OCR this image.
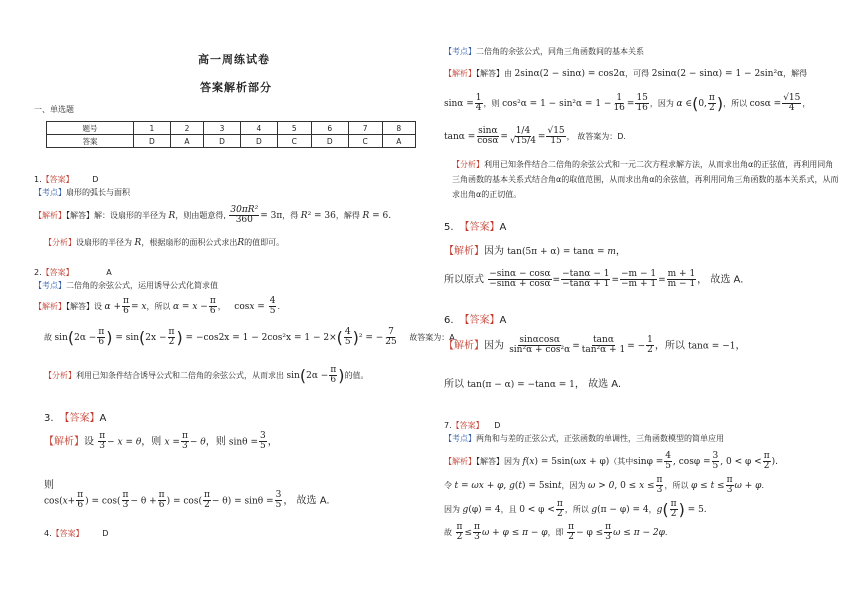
高一周练试卷
答案解析部分
一、单选题
题号	1	2	3	4	5	6	7	8
答案	D	A	D	D	C	D	C	A
1.【答案】 D
【考点】扇形的弧长与面积
【解析】【解答】解：设扇形的半径为 R，则由题意得, $\frac{\text{30πR²}}{360} = 3\pi$，得 R² = 36，解得 R = 6.
【分析】设扇形的半径为 R，根据扇形的面积公式求出R的值即可。
2.【答案】	A
【考点】二倍角的余弦公式，运用诱导公式化简求值
【解析】【解答】设 $\alpha + \frac{\pi}{6} = x$，所以 $\alpha = x - \frac{\pi}{6}$ ， $\cos x = \frac{4}{5}$ .
故 $\sin(2\alpha - \frac{\pi}{6}$ ) = $\sin(2x - \frac{\pi}{2}$ ) = $-\cos 2x = 1 - 2\cos^2x = 1 - 2\times( \frac{4}{5} )^2$ = − $\frac{7}{25}$ 故答案为：A.
【分析】利用已知条件结合诱导公式和二倍角的余弦公式，从而求出 $\sin(2\alpha - \frac{\pi}{6}$ )的值。
3. 【答案】A
【解析】设 $\frac{\pi}{3} - x = \theta$，则 $x = \frac{\pi}{3} - \theta$，则 $\sin\theta = \frac{3}{5}$ ，
则
$\cos(x+ \frac{\pi}{6}$ ) = $\cos( \frac{\pi}{3} - \theta + \frac{\pi}{6}$ ) = $\cos( \frac{\pi}{2} - \theta) = \sin\theta = \frac{3}{5}$ ， 故选 A.
4.【答案】 D
【考点】二倍角的余弦公式，同角三角函数间的基本关系
【解析】【解答】由 2sinα(2 − sinα) = cos2α，可得 2sinα(2 − sinα) = 1 − 2sin²α，解得
$\sin\alpha = \frac{1}{4}$ ，则 $\cos^2\alpha = 1 - \sin^2\alpha = 1 - \frac{1}{16} = \frac{15}{16}$ ，因为 α ∈(0, $\frac{\pi}{2}$ )，所以 $\cos\alpha = \frac{√15}{4}$ ，
$\tan\alpha = \frac{\sin\alpha}{\cos\alpha} = \frac{1/4}{√15/4} = \frac{√15}{15}$ ， 故答案为：D.
【分析】利用已知条件结合二倍角的余弦公式和一元二次方程求解方法，从而求出角α的正弦值，再利用同角三角函数的基本关系式结合角α的取值范围，从而求出角α的余弦值，再利用同角三角函数的基本关系式，从而求出角α的正切值。
5. 【答案】A
【解析】因为 tan(5π + α) = tanα = m，
所以原式 $\frac{-\sin\alpha - \cos\alpha}{-\sin\alpha + \cos\alpha} = \frac{-\tan\alpha - 1}{-\tan\alpha + 1} = \frac{-m - 1}{-m + 1} = \frac{m + 1}{m - 1}$ ， 故选 A.
6. 【答案】A
【解析】因为 $\frac{\sin\alpha\cos\alpha}{\text{sin²α + cos²α}} = \frac{\tan\alpha}{\text{tan²α + 1}}$ = − $\frac{1}{2}$ ，所以 tanα = −1，
所以 tan(π − α) = −tanα = 1， 故选 A.
7.【答案】 D
【考点】两角和与差的正弦公式，正弦函数的单调性，三角函数模型的简单应用
【解析】【解答】因为 f(x) = 5sin(ωx + φ)（其中$\sin\varphi = \frac{4}{5}$ , $\cos\varphi = \frac{3}{5}$ , $0 < \varphi < \frac{\pi}{2}$ ).
令 t = ωx + φ, g(t) = 5sint，因为 ω > 0, $0 \le x \le \frac{\pi}{3}$ ，所以 $\varphi \le t \le \frac{\pi}{3}$ ω + φ.
因为 g(φ) = 4，且 $0 < \varphi < \frac{\pi}{2}$ ，所以 g(π − φ) = 4，$g( \frac{\pi}{2}$ ) = 5.
故 $\frac{\pi}{2} \le \frac{\pi}{3}$ ω + φ ≤ π − φ，即 $\frac{\pi}{2} - \varphi \le \frac{\pi}{3}$ ω ≤ π − 2φ.
